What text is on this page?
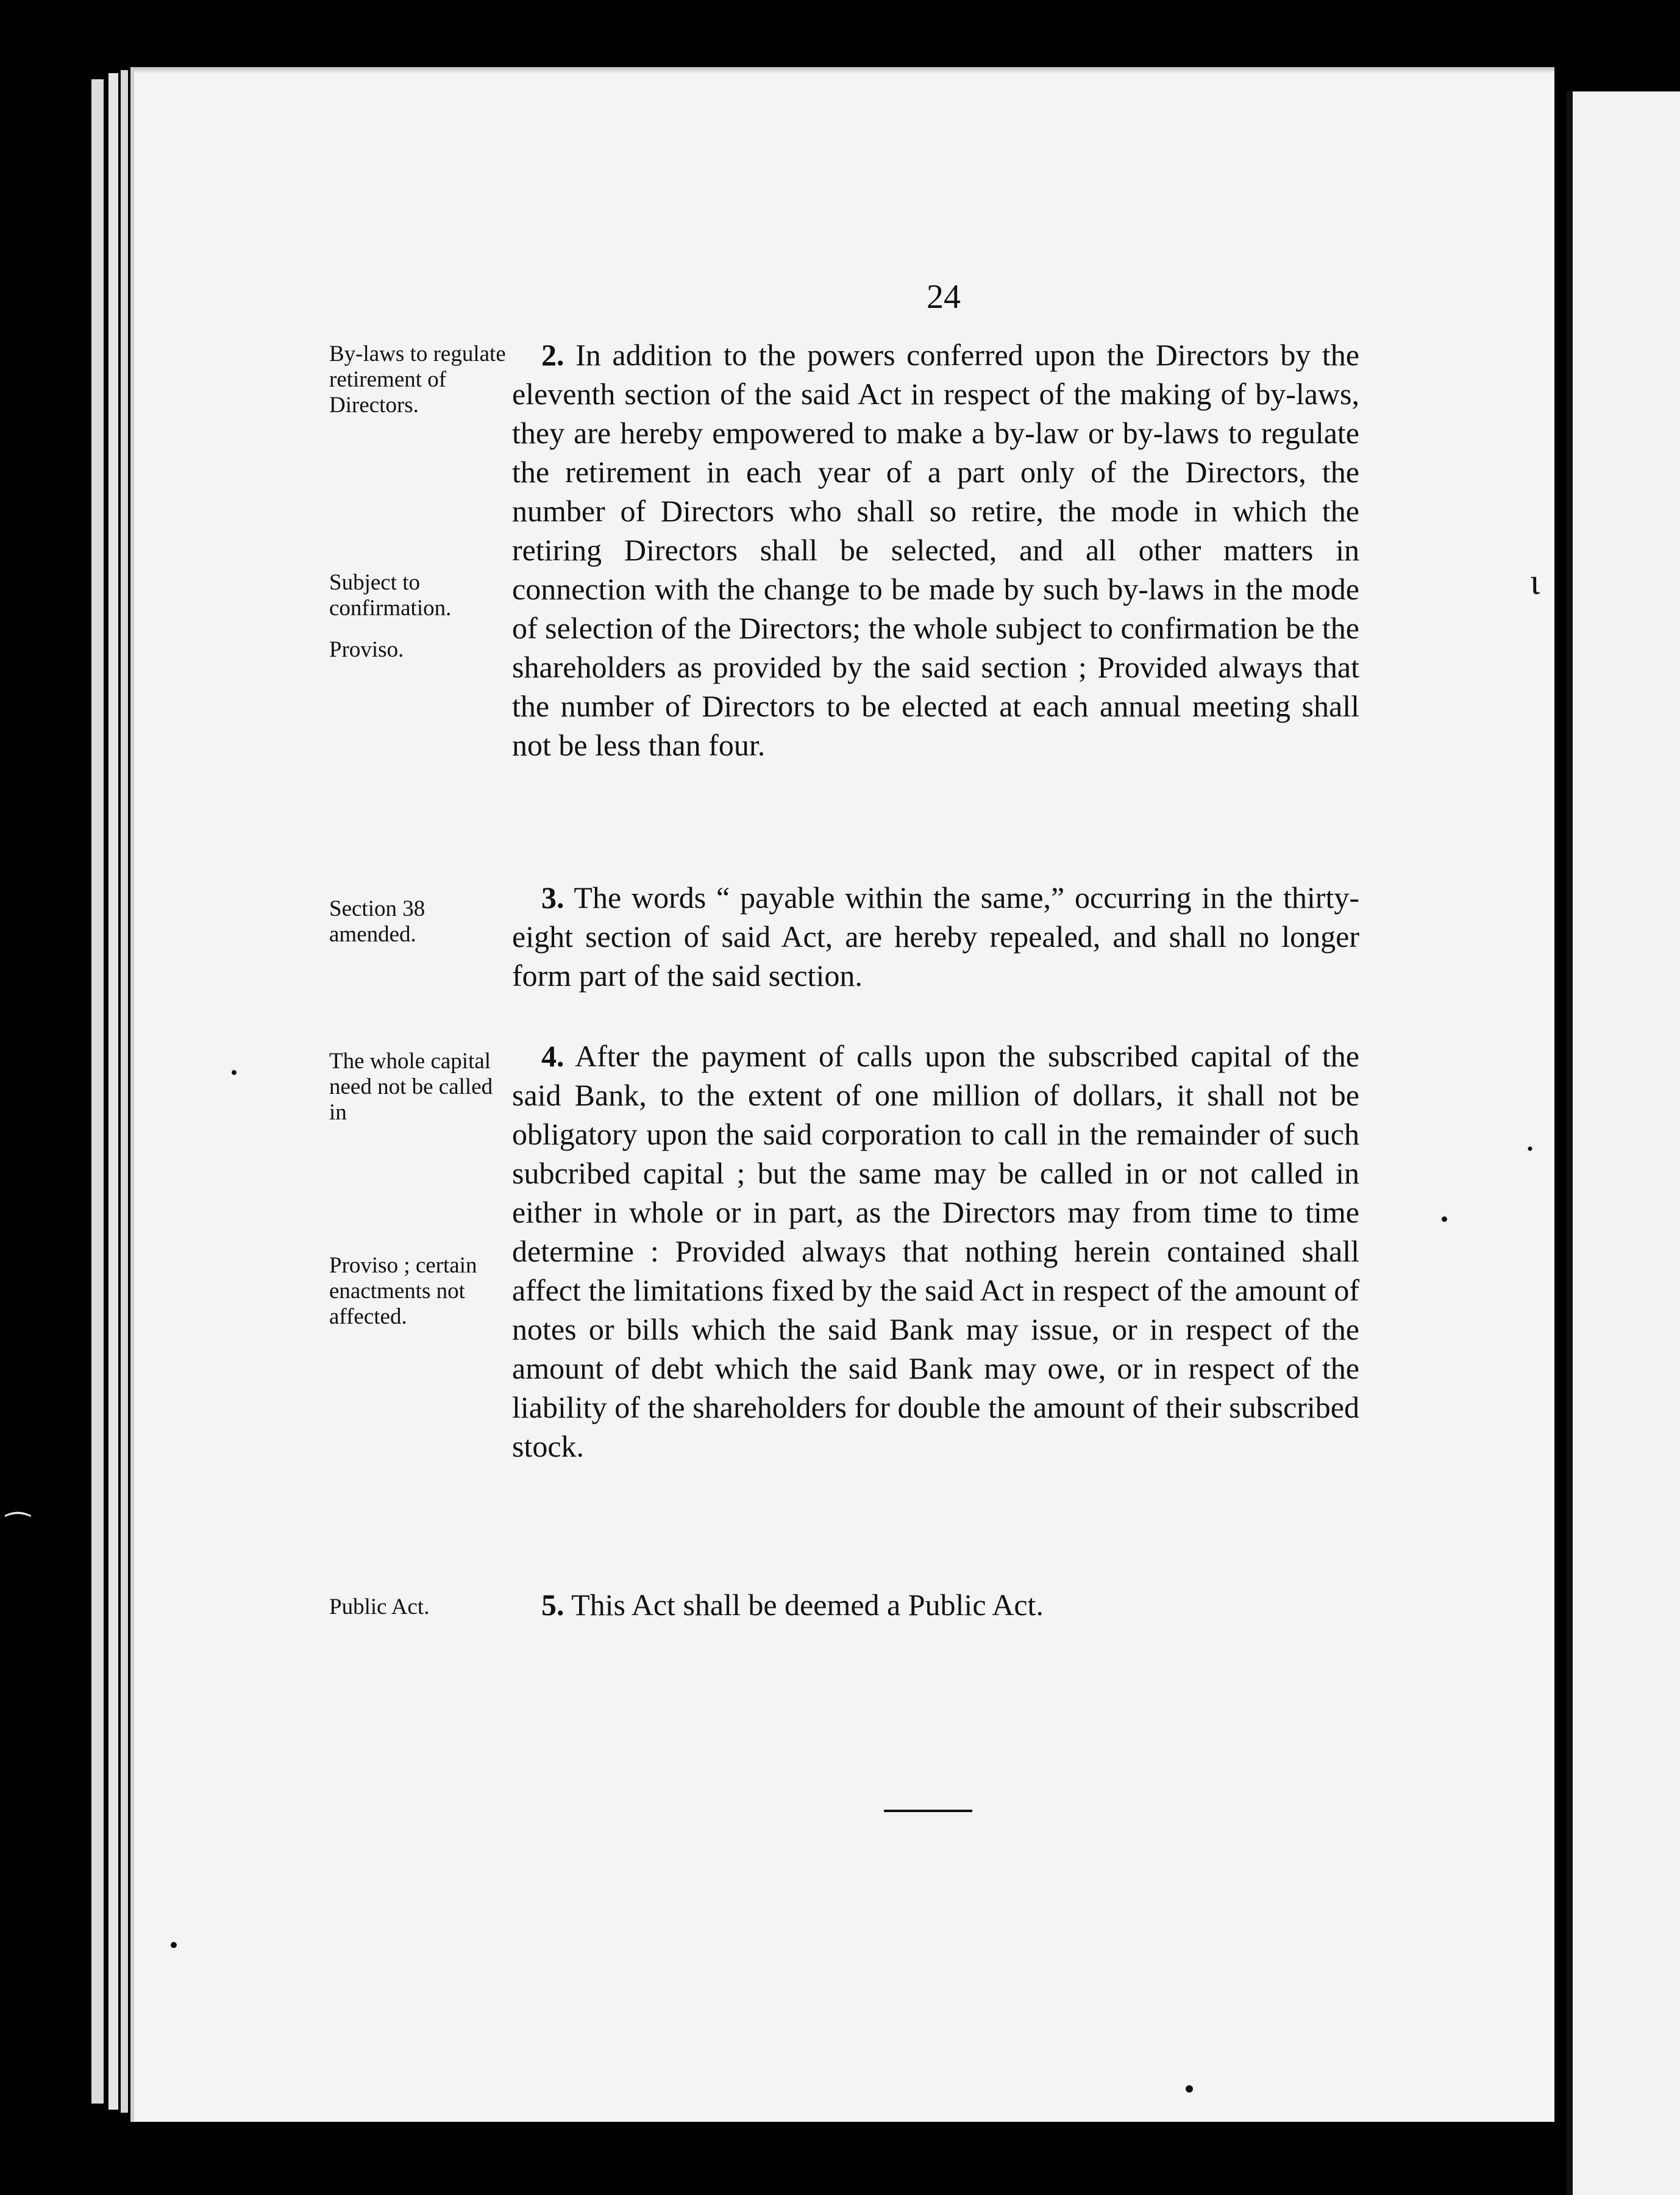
24
By-laws to regulate retirement of Directors.
Subject to confirmation.
Proviso.
Section 38 amended.
The whole capital need not be called in
Proviso ; certain enactments not affected.
Public Act.

2. In addition to the powers conferred upon the Directors by the eleventh section of the said Act in respect of the making of by-laws, they are hereby empowered to make a by-law or by-laws to regulate the retirement in each year of a part only of the Directors, the number of Directors who shall so retire, the mode in which the retiring Directors shall be selected, and all other matters in connection with the change to be made by such by-laws in the mode of selection of the Directors; the whole subject to confirmation be the shareholders as provided by the said section ; Provided always that the number of Directors to be elected at each annual meeting shall not be less than four.

3. The words “ payable within the same,” occurring in the thirty-eight section of said Act, are hereby repealed, and shall no longer form part of the said section.

4. After the payment of calls upon the subscribed capital of the said Bank, to the extent of one million of dollars, it shall not be obligatory upon the said corporation to call in the remainder of such subcribed capital ; but the same may be called in or not called in either in whole or in part, as the Directors may from time to time determine : Provided always that nothing herein contained shall affect the limitations fixed by the said Act in respect of the amount of notes or bills which the said Bank may issue, or in respect of the amount of debt which the said Bank may owe, or in respect of the liability of the shareholders for double the amount of their subscribed stock.

5. This Act shall be deemed a Public Act.

ι
·
⁀
